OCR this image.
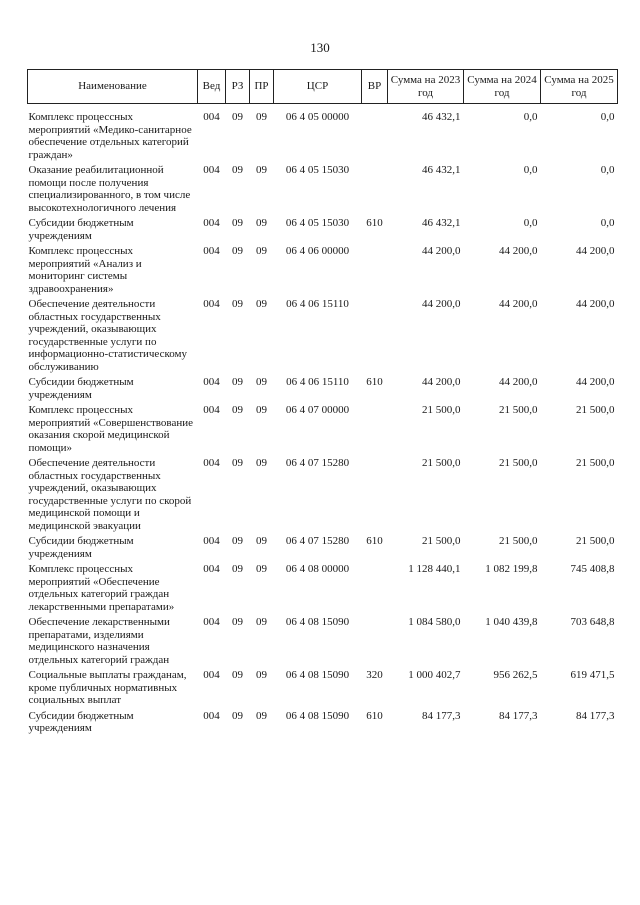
130
Наименование	Вед	РЗ	ПР	ЦСР	ВР	Сумма на 2023 год	Сумма на 2024 год	Сумма на 2025 год

Комплекс процессных мероприятий «Медико-санитарное обеспечение отдельных категорий граждан»	004	09	09	06 4 05 00000		46 432,1	0,0	0,0
Оказание реабилитационной помощи после получения специализированного, в том числе высокотехнологичного лечения	004	09	09	06 4 05 15030		46 432,1	0,0	0,0
Субсидии бюджетным учреждениям	004	09	09	06 4 05 15030	610	46 432,1	0,0	0,0
Комплекс процессных мероприятий «Анализ и мониторинг системы здравоохранения»	004	09	09	06 4 06 00000		44 200,0	44 200,0	44 200,0
Обеспечение деятельности областных государственных учреждений, оказывающих государственные услуги по информационно-статистическому обслуживанию	004	09	09	06 4 06 15110		44 200,0	44 200,0	44 200,0
Субсидии бюджетным учреждениям	004	09	09	06 4 06 15110	610	44 200,0	44 200,0	44 200,0
Комплекс процессных мероприятий «Совершенствование оказания скорой медицинской помощи»	004	09	09	06 4 07 00000		21 500,0	21 500,0	21 500,0
Обеспечение деятельности областных государственных учреждений, оказывающих государственные услуги по скорой медицинской помощи и медицинской эвакуации	004	09	09	06 4 07 15280		21 500,0	21 500,0	21 500,0
Субсидии бюджетным учреждениям	004	09	09	06 4 07 15280	610	21 500,0	21 500,0	21 500,0
Комплекс процессных мероприятий «Обеспечение отдельных категорий граждан лекарственными препаратами»	004	09	09	06 4 08 00000		1 128 440,1	1 082 199,8	745 408,8
Обеспечение лекарственными препаратами, изделиями медицинского назначения отдельных категорий граждан	004	09	09	06 4 08 15090		1 084 580,0	1 040 439,8	703 648,8
Социальные выплаты гражданам, кроме публичных нормативных социальных выплат	004	09	09	06 4 08 15090	320	1 000 402,7	956 262,5	619 471,5
Субсидии бюджетным учреждениям	004	09	09	06 4 08 15090	610	84 177,3	84 177,3	84 177,3
